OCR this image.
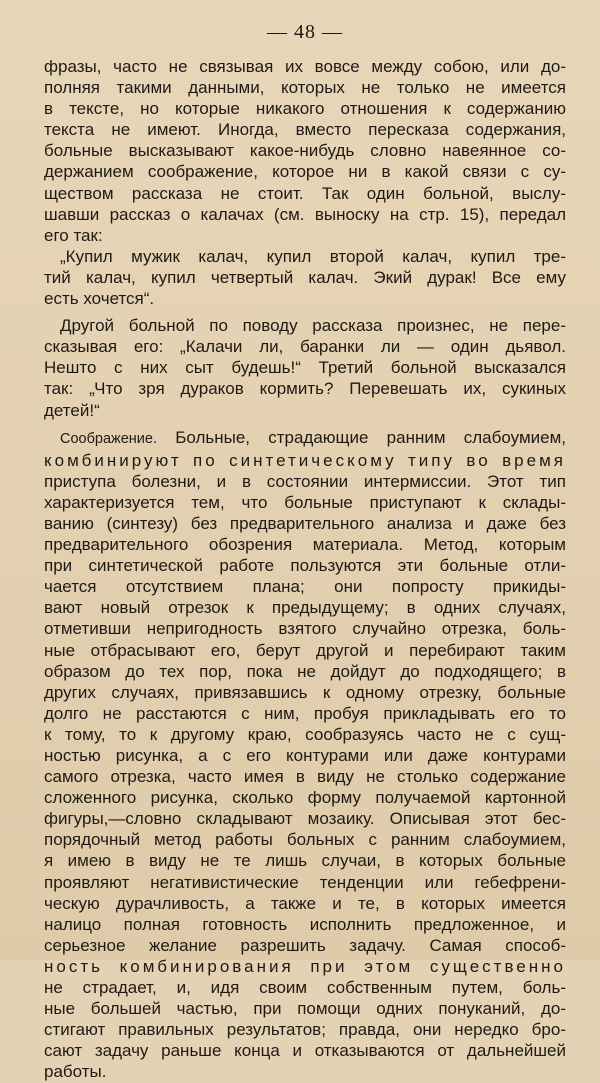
— 48 —
фразы, часто не связывая их вовсе между собою, или до-
полняя такими данными, которых не только не имеется
в тексте, но которые никакого отношения к содержанию
текста не имеют. Иногда, вместо пересказа содержания,
больные высказывают какое-нибудь словно навеянное со-
держанием соображение, которое ни в какой связи с су-
ществом рассказа не стоит. Так один больной, выслу-
шавши рассказ о калачах (см. выноску на стр. 15), передал
его так:
„Купил мужик калач, купил второй калач, купил тре-
тий калач, купил четвертый калач. Экий дурак! Все ему
есть хочется“.
Другой больной по поводу рассказа произнес, не пере-
сказывая его: „Калачи ли, баранки ли — один дьявол.
Нешто с них сыт будешь!“ Третий больной высказался
так: „Что зря дураков кормить? Перевешать их, сукиных
детей!“
Соображение. Больные, страдающие ранним слабоумием,
комбинируют по синтетическому типу во время
приступа болезни, и в состоянии интермиссии. Этот тип
характеризуется тем, что больные приступают к склады-
ванию (синтезу) без предварительного анализа и даже без
предварительного обозрения материала. Метод, которым
при синтетической работе пользуются эти больные отли-
чается отсутствием плана; они попросту прикиды-
вают новый отрезок к предыдущему; в одних случаях,
отметивши непригодность взятого случайно отрезка, боль-
ные отбрасывают его, берут другой и перебирают таким
образом до тех пор, пока не дойдут до подходящего; в
других случаях, привязавшись к одному отрезку, больные
долго не расстаются с ним, пробуя прикладывать его то
к тому, то к другому краю, сообразуясь часто не с сущ-
ностью рисунка, а с его контурами или даже контурами
самого отрезка, часто имея в виду не столько содержание
сложенного рисунка, сколько форму получаемой картонной
фигуры,—словно складывают мозаику. Описывая этот бес-
порядочный метод работы больных с ранним слабоумием,
я имею в виду не те лишь случаи, в которых больные
проявляют негативистические тенденции или гебефрени-
ческую дурачливость, а также и те, в которых имеется
налицо полная готовность исполнить предложенное, и
серьезное желание разрешить задачу. Самая способ-
ность комбинирования при этом существенно
не страдает, и, идя своим собственным путем, боль-
ные большей частью, при помощи одних понуканий, до-
стигают правильных результатов; правда, они нередко бро-
сают задачу раньше конца и отказываются от дальнейшей
работы.
